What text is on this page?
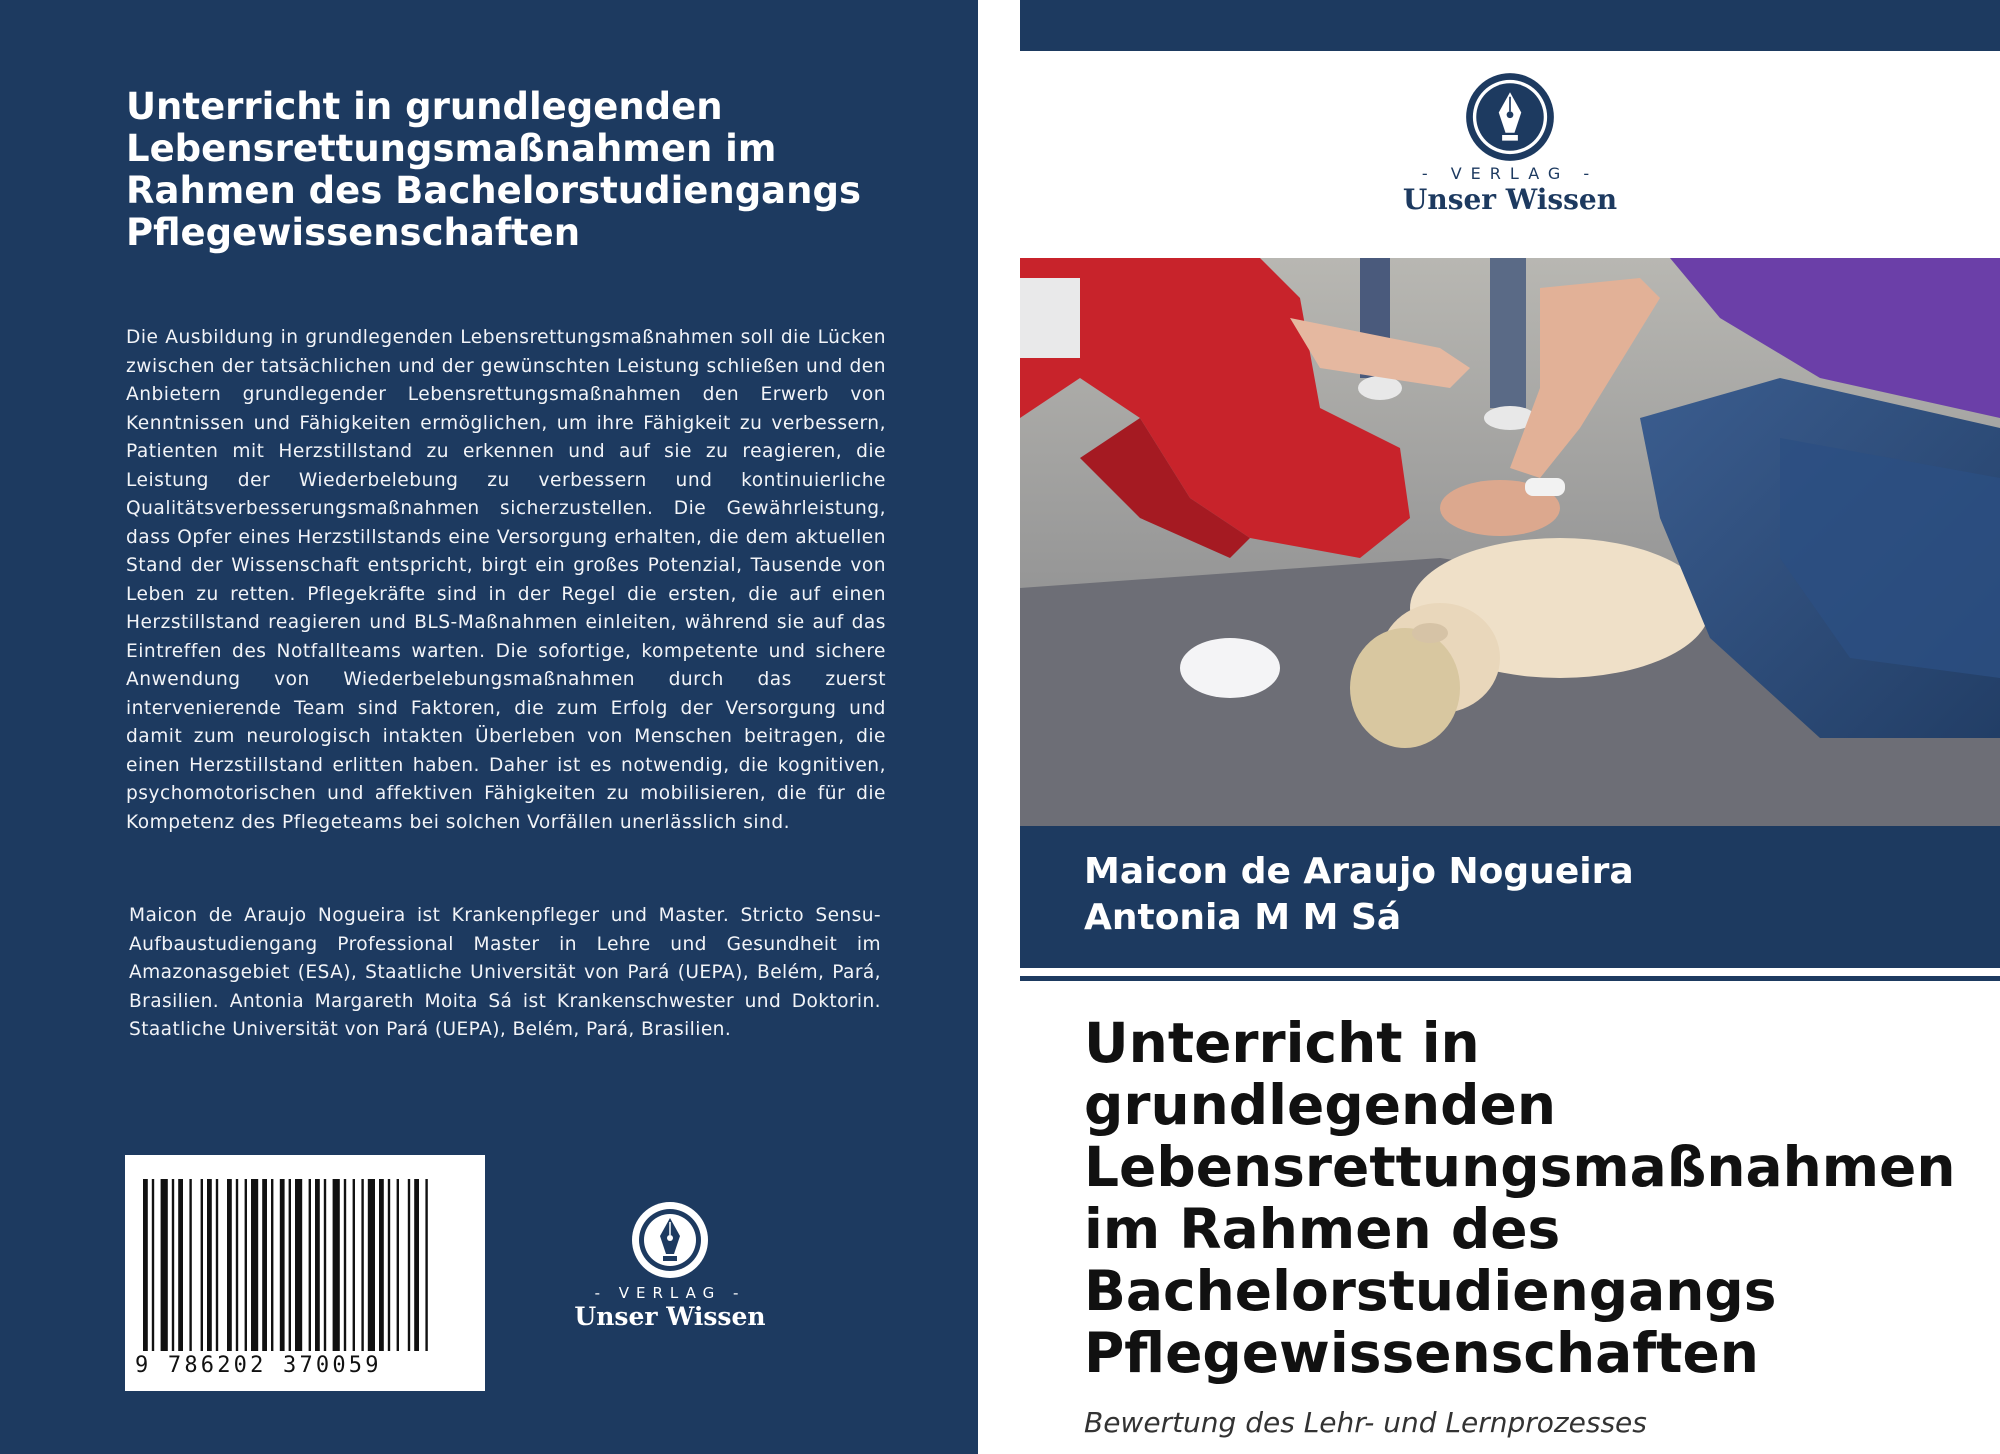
Unterricht in grundlegenden Lebensrettungsmaßnahmen im Rahmen des Bachelorstudiengangs Pflegewissenschaften
Die Ausbildung in grundlegenden Lebensrettungsmaßnahmen soll die Lücken zwischen der tatsächlichen und der gewünschten Leistung schließen und den Anbietern grundlegender Lebensrettungsmaßnahmen den Erwerb von Kenntnissen und Fähigkeiten ermöglichen, um ihre Fähigkeit zu verbessern, Patienten mit Herzstillstand zu erkennen und auf sie zu reagieren, die Leistung der Wiederbelebung zu verbessern und kontinuierliche Qualitätsverbesserungsmaßnahmen sicherzustellen. Die Gewährleistung, dass Opfer eines Herzstillstands eine Versorgung erhalten, die dem aktuellen Stand der Wissenschaft entspricht, birgt ein großes Potenzial, Tausende von Leben zu retten. Pflegekräfte sind in der Regel die ersten, die auf einen Herzstillstand reagieren und BLS-Maßnahmen einleiten, während sie auf das Eintreffen des Notfallteams warten. Die sofortige, kompetente und sichere Anwendung von Wiederbelebungsmaßnahmen durch das zuerst intervenierende Team sind Faktoren, die zum Erfolg der Versorgung und damit zum neurologisch intakten Überleben von Menschen beitragen, die einen Herzstillstand erlitten haben. Daher ist es notwendig, die kognitiven, psychomotorischen und affektiven Fähigkeiten zu mobilisieren, die für die Kompetenz des Pflegeteams bei solchen Vorfällen unerlässlich sind.
Maicon de Araujo Nogueira ist Krankenpfleger und Master. Stricto Sensu-Aufbaustudiengang Professional Master in Lehre und Gesundheit im Amazonasgebiet (ESA), Staatliche Universität von Pará (UEPA), Belém, Pará, Brasilien. Antonia Margareth Moita Sá ist Krankenschwester und Doktorin. Staatliche Universität von Pará (UEPA), Belém, Pará, Brasilien.
9 786202 370059
- VERLAG -
Unser Wissen
- VERLAG -
Unser Wissen
Maicon de Araujo Nogueira
Antonia M M Sá
Unterricht in
grundlegenden
Lebensrettungsmaßnahmen
im Rahmen des
Bachelorstudiengangs
Pflegewissenschaften
Bewertung des Lehr- und Lernprozesses
